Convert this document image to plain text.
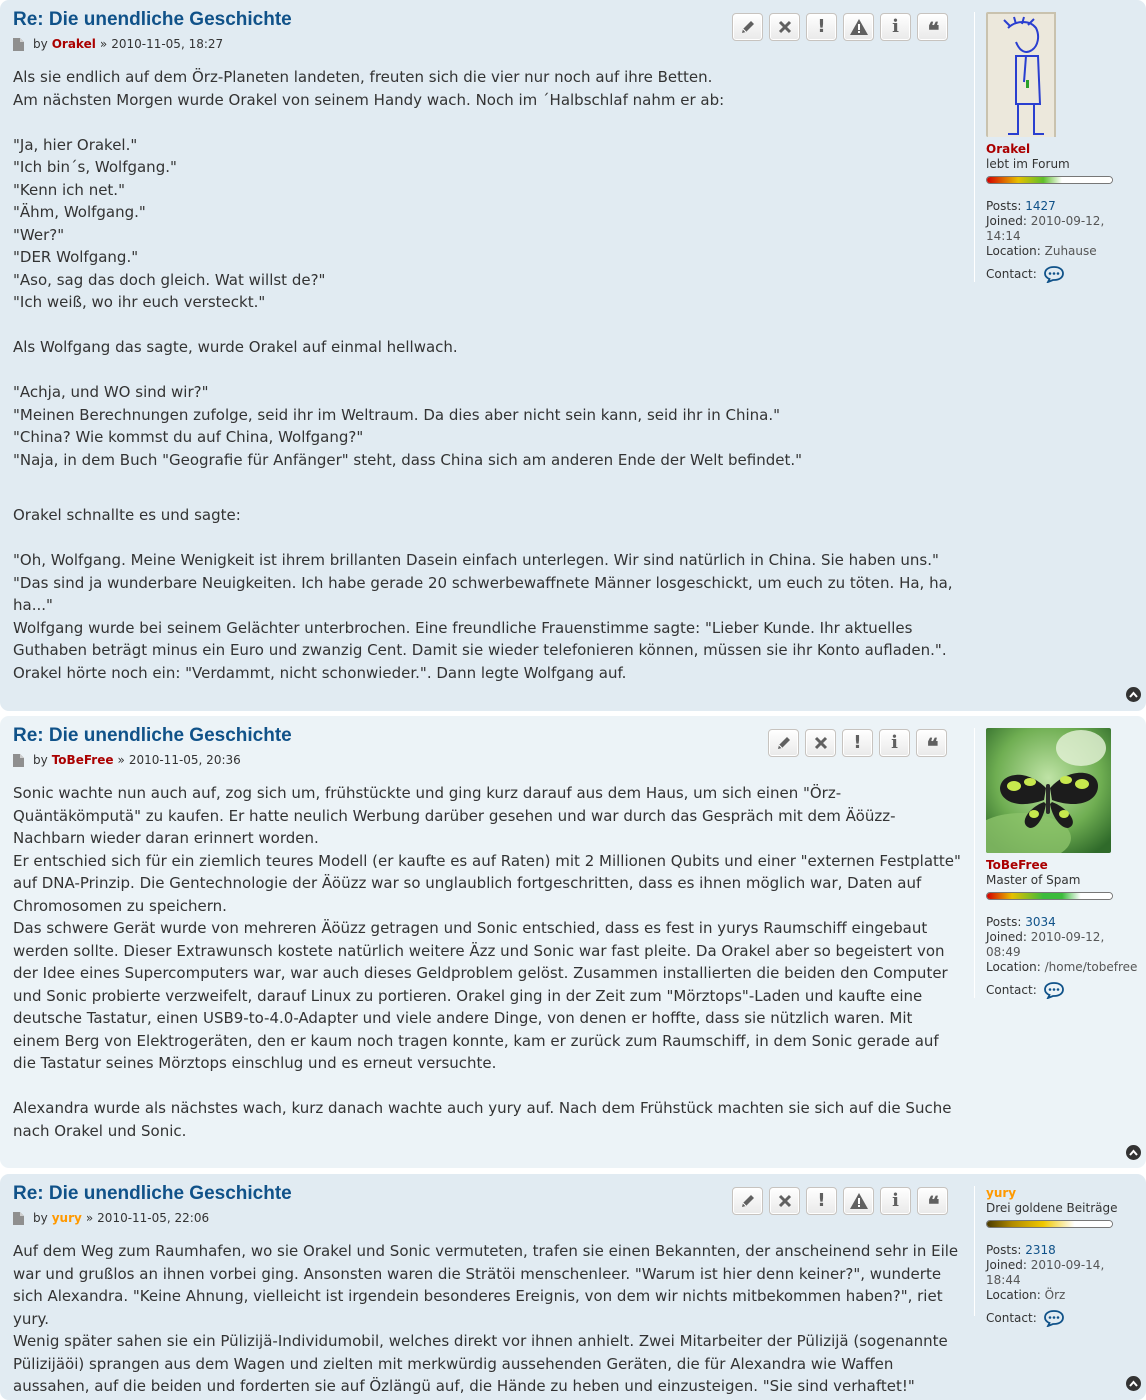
Re: Die unendliche Geschichte
by Orakel » 2010-11-05, 18:27

Als sie endlich auf dem Örz-Planeten landeten, freuten sich die vier nur noch auf ihre Betten.

Am nächsten Morgen wurde Orakel von seinem Handy wach. Noch im ´Halbschlaf nahm er ab:

"Ja, hier Orakel."

"Ich bin´s, Wolfgang."

"Kenn ich net."

"Ähm, Wolfgang."

"Wer?"

"DER Wolfgang."

"Aso, sag das doch gleich. Wat willst de?"

"Ich weiß, wo ihr euch versteckt."

Als Wolfgang das sagte, wurde Orakel auf einmal hellwach.

"Achja, und WO sind wir?"

"Meinen Berechnungen zufolge, seid ihr im Weltraum. Da dies aber nicht sein kann, seid ihr in China."

"China? Wie kommst du auf China, Wolfgang?"

"Naja, in dem Buch "Geografie für Anfänger" steht, dass China sich am anderen Ende der Welt befindet."

Orakel schnallte es und sagte:

"Oh, Wolfgang. Meine Wenigkeit ist ihrem brillanten Dasein einfach unterlegen. Wir sind natürlich in China. Sie haben uns."

"Das sind ja wunderbare Neuigkeiten. Ich habe gerade 20 schwerbewaffnete Männer losgeschickt, um euch zu töten. Ha, ha, ha..."

Wolfgang wurde bei seinem Gelächter unterbrochen. Eine freundliche Frauenstimme sagte: "Lieber Kunde. Ihr aktuelles Guthaben beträgt minus ein Euro und zwanzig Cent. Damit sie wieder telefonieren können, müssen sie ihr Konto aufladen.".

Orakel hörte noch ein: "Verdammt, nicht schonwieder.". Dann legte Wolfgang auf.

!	i ❝
Orakel
lebt im Forum
Posts: 1427
Joined: 2010-09-12, 14:14
Location: Zuhause
Contact:
Re: Die unendliche Geschichte
by ToBeFree » 2010-11-05, 20:36

Sonic wachte nun auch auf, zog sich um, frühstückte und ging kurz darauf aus dem Haus, um sich einen "Örz-Quäntäkömputä" zu kaufen. Er hatte neulich Werbung darüber gesehen und war durch das Gespräch mit dem Äöüzz-Nachbarn wieder daran erinnert worden.

Er entschied sich für ein ziemlich teures Modell (er kaufte es auf Raten) mit 2 Millionen Qubits und einer "externen Festplatte" auf DNA-Prinzip. Die Gentechnologie der Äöüzz war so unglaublich fortgeschritten, dass es ihnen möglich war, Daten auf Chromosomen zu speichern.

Das schwere Gerät wurde von mehreren Äöüzz getragen und Sonic entschied, dass es fest in yurys Raumschiff eingebaut werden sollte. Dieser Extrawunsch kostete natürlich weitere Äzz und Sonic war fast pleite. Da Orakel aber so begeistert von der Idee eines Supercomputers war, war auch dieses Geldproblem gelöst. Zusammen installierten die beiden den Computer und Sonic probierte verzweifelt, darauf Linux zu portieren. Orakel ging in der Zeit zum "Mörztops"-Laden und kaufte eine deutsche Tastatur, einen USB9-to-4.0-Adapter und viele andere Dinge, von denen er hoffte, dass sie nützlich waren. Mit einem Berg von Elektrogeräten, den er kaum noch tragen konnte, kam er zurück zum Raumschiff, in dem Sonic gerade auf die Tastatur seines Mörztops einschlug und es erneut versuchte.

Alexandra wurde als nächstes wach, kurz danach wachte auch yury auf. Nach dem Frühstück machten sie sich auf die Suche nach Orakel und Sonic.

! i ❝
ToBeFree
Master of Spam
Posts: 3034
Joined: 2010-09-12, 08:49
Location: /home/tobefree
Contact:
Re: Die unendliche Geschichte
by yury » 2010-11-05, 22:06

Auf dem Weg zum Raumhafen, wo sie Orakel und Sonic vermuteten, trafen sie einen Bekannten, der anscheinend sehr in Eile war und grußlos an ihnen vorbei ging. Ansonsten waren die Strätöi menschenleer. "Warum ist hier denn keiner?", wunderte sich Alexandra. "Keine Ahnung, vielleicht ist irgendein besonderes Ereignis, von dem wir nichts mitbekommen haben?", riet yury.

Wenig später sahen sie ein Pülizijä-Individumobil, welches direkt vor ihnen anhielt. Zwei Mitarbeiter der Pülizijä (sogenannte Pülizijäöi) sprangen aus dem Wagen und zielten mit merkwürdig aussehenden Geräten, die für Alexandra wie Waffen aussahen, auf die beiden und forderten sie auf Özlängü auf, die Hände zu heben und einzusteigen. "Sie sind verhaftet!"

!	i ❝	yury
Drei goldene Beiträge
Posts: 2318
Joined: 2010-09-14, 18:44
Location: Örz
Contact:
